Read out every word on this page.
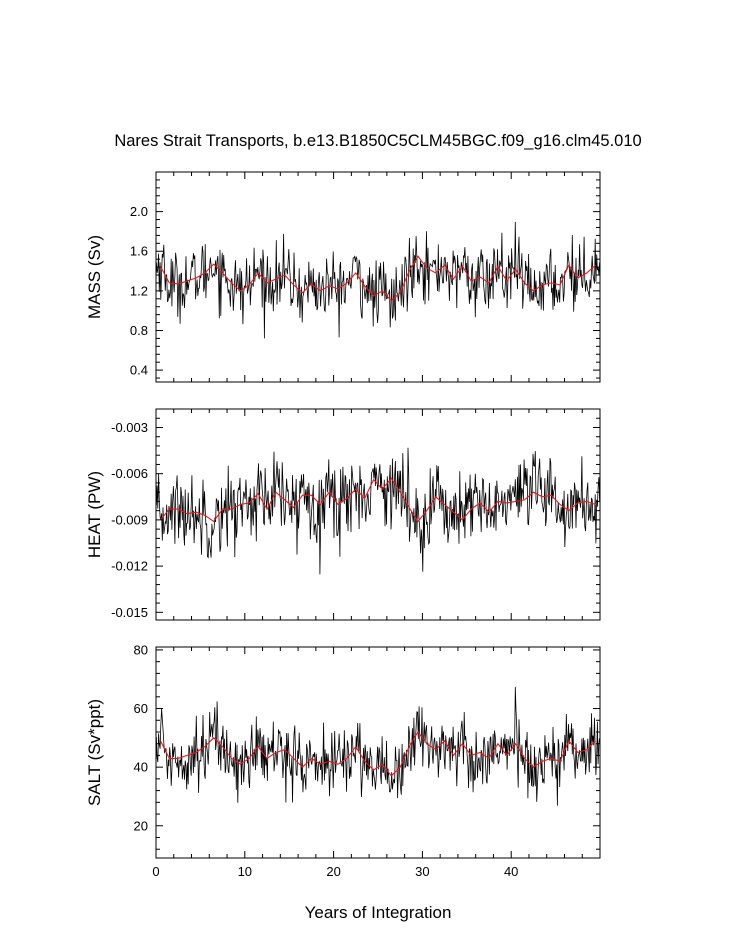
Nares Strait Transports, b.e13.B1850C5CLM45BGC.f09_g16.clm45.010
0.4
0.8
1.2
1.6
2.0
MASS (Sv)
-0.015
-0.012
-0.009
-0.006
-0.003
HEAT (PW)
20
40
60
80
SALT (Sv*ppt)
0	10	20	30	40
Years of Integration
